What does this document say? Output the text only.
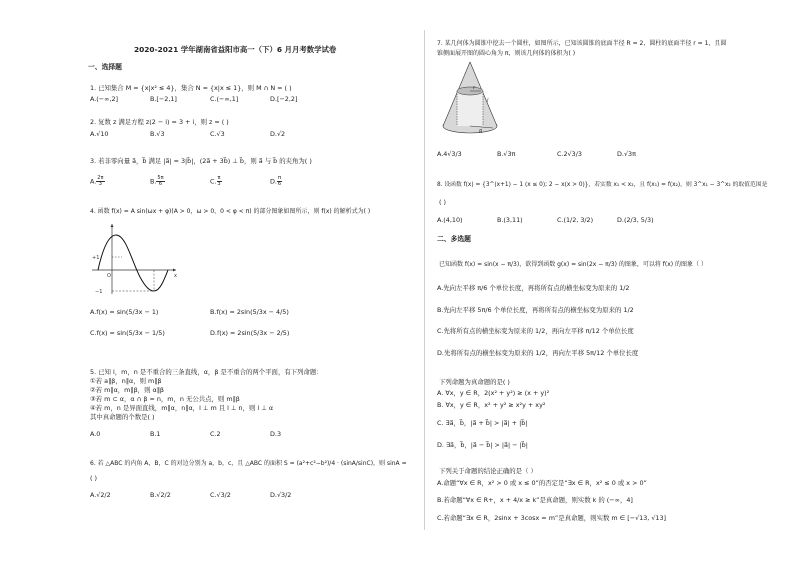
2020-2021 学年湖南省益阳市高一（下）6 月月考数学试卷
一、选择题
1. 已知集合 M = {x|x² ≤ 4}，集合 N = {x|x ≤ 1}，则 M ∩ N = ( )
A.(−∞,2]	B.[−2,1]	C.(−∞,1]	D.[−2,2]
2. 复数 z 满足方程 z(2 − i) = 3 + i，则 z = ( )
A.√10	B.√3	C.√3	D.√2
3. 若非零向量 a⃗，b⃗ 满足 |a⃗| = 3|b⃗|，(2a⃗ + 3b⃗) ⊥ b⃗，则 a⃗ 与 b⃗ 的夹角为( )
A. $\frac{2\pi}{3}$	B. $\frac{5\pi}{6}$	C. $\frac{\pi}{3}$	D. $\frac{\pi}{6}$
4. 函数 f(x) = A sin(ωx + φ)(A > 0，ω > 0，0 < φ < π) 的部分图象如图所示，则 f(x) 的解析式为( )
+1
−1
x
O
A.f(x) = sin(5/3x − 1)	B.f(x) = 2sin(5/3x − 4/5)
C.f(x) = sin(5/3x − 1/5)	D.f(x) = 2sin(5/3x − 2/5)
5. 已知 l，m，n 是不重合的三条直线，α，β 是不重合的两个平面，有下列命题：
①若 a∥β，n∥α，则 m∥β
②若 m∥α，m∥β，则 α∥β
③若 m ⊂ α，α ∩ β = n，m，n 无公共点，则 m∥β
④若 m，n 是异面直线，m∥α，n∥α，l ⊥ m 且 l ⊥ n，则 l ⊥ α
其中真命题的个数是( )
A.0	B.1	C.2	D.3
6. 若 △ABC 的内角 A，B，C 的对边分别为 a，b，c，且 △ABC 的面积 S = (a²+c²−b²)/4 · (sinA/sinC)，则 sinA =
( )
A.√2/2	B.√2/2	C.√3/2	D.√3/2
7. 某几何体为圆锥中挖去一个圆柱，如图所示，已知该圆锥的底面半径 R = 2，圆柱的底面半径 r = 1，且圆
锥侧面展开图的圆心角为 π，则该几何体的体积为( )
r
l
R
A.4√3/3	B.√3π	C.2√3/3	D.√3π
8. 设函数 f(x) = {3^(x+1) − 1 (x ≤ 0); 2 − x(x > 0)}，若实数 x₁ < x₂，且 f(x₁) = f(x₂)，则 3^x₁ − 3^x₂ 的取值范围是
( )
A.(4,10)	B.(3,11)	C.(1/2, 3/2)	D.(2/3, 5/3)
二、多选题
已知函数 f(x) = sin(x − π/3)，欲得到函数 g(x) = sin(2x − π/3) 的图象，可以将 f(x) 的图象（ ）
A.先向左平移 π/6 个单位长度，再将所有点的横坐标变为原来的 1/2
B.先向左平移 5π/6 个单位长度，再将所有点的横坐标变为原来的 1/2
C.先将所有点的横坐标变为原来的 1/2，再向左平移 π/12 个单位长度
D.先将所有点的横坐标变为原来的 1/2，再向左平移 5π/12 个单位长度
下列命题为真命题的是( )
A. ∀x，y ∈ R，2(x² + y²) ≥ (x + y)²
B. ∀x，y ∈ R，x² + y² ≥ x²y + xy²
C. ∃a⃗，b⃗，|a⃗ + b⃗| > |a⃗| + |b⃗|
D. ∃a⃗，b⃗，|a⃗ − b⃗| > |a⃗| − |b⃗|
下列关于命题的结论正确的是（ ）
A.命题“∀x ∈ R，x² > 0 或 x ≤ 0”的否定是“∃x ∈ R，x² ≤ 0 或 x > 0”
B.若命题“∀x ∈ R+，x + 4/x ≥ k”是真命题，则实数 k 的 (−∞，4]
C.若命题“∃x ∈ R，2sinx + 3cosx = m”是真命题，则实数 m ∈ [−√13, √13]
